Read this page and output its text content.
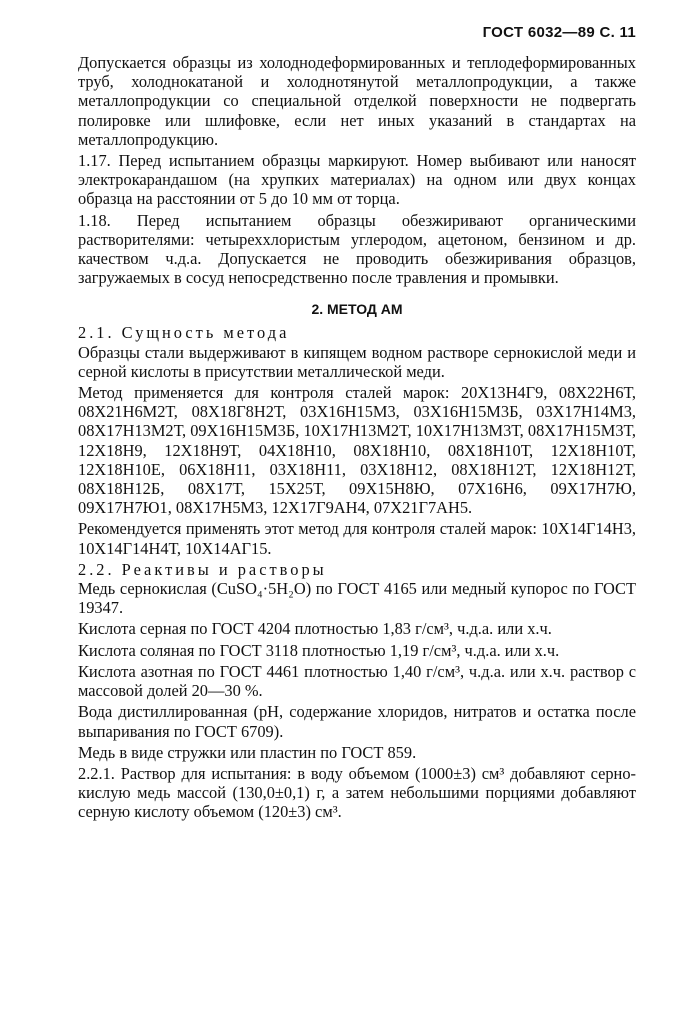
ГОСТ 6032—89 С. 11

Допускается образцы из холоднодеформированных и теплодеформированных труб, холоднокатаной и холоднотянутой металлопродукции, а также металлопродукции со специальной отделкой поверхности не подвергать полировке или шлифовке, если нет иных указаний в стандартах на металлопродукцию.

1.17. Перед испытанием образцы маркируют. Номер выбивают или наносят электрокарандашом (на хрупких материалах) на одном или двух концах образца на расстоянии от 5 до 10 мм от торца.

1.18. Перед испытанием образцы обезжиривают органическими растворителями: четыреххлористым углеродом, ацетоном, бензином и др. качеством ч.д.а. Допускается не проводить обезжиривания образцов, загружаемых в сосуд непосредственно после травления и промывки.

2. МЕТОД АМ

2.1. Сущность метода

Образцы стали выдерживают в кипящем водном растворе сернокислой меди и серной кислоты в присутствии металлической меди.

Метод применяется для контроля сталей марок: 20Х13Н4Г9, 08Х22Н6Т, 08Х21Н6М2Т, 08Х18Г8Н2Т, 03Х16Н15М3, 03Х16Н15М3Б, 03Х17Н14М3, 08Х17Н13М2Т, 09Х16Н15М3Б, 10Х17Н13М2Т, 10Х17Н13М3Т, 08Х17Н15М3Т, 12Х18Н9, 12Х18Н9Т, 04Х18Н10, 08Х18Н10, 08Х18Н10Т, 12Х18Н10Т, 12Х18Н10Е, 06Х18Н11, 03Х18Н11, 03Х18Н12, 08Х18Н12Т, 12Х18Н12Т, 08Х18Н12Б, 08Х17Т, 15Х25Т, 09Х15Н8Ю, 07Х16Н6, 09Х17Н7Ю, 09Х17Н7Ю1, 08Х17Н5М3, 12Х17Г9АН4, 07Х21Г7АН5.

Рекомендуется применять этот метод для контроля сталей марок: 10Х14Г14Н3, 10Х14Г14Н4Т, 10Х14АГ15.

2.2. Реактивы и растворы

Медь сернокислая (CuSO₄·5H₂O) по ГОСТ 4165 или медный купорос по ГОСТ 19347.

Кислота серная по ГОСТ 4204 плотностью 1,83 г/см³, ч.д.а. или х.ч.

Кислота соляная по ГОСТ 3118 плотностью 1,19 г/см³, ч.д.а. или х.ч.

Кислота азотная по ГОСТ 4461 плотностью 1,40 г/см³, ч.д.а. или х.ч. раствор с массовой долей 20—30 %.

Вода дистиллированная (pH, содержание хлоридов, нитратов и остатка после выпаривания по ГОСТ 6709).

Медь в виде стружки или пластин по ГОСТ 859.

2.2.1. Раствор для испытания: в воду объемом (1000±3) см³ добавляют серно-кислую медь массой (130,0±0,1) г, а затем небольшими порциями добавляют серную кислоту объемом (120±3) см³.
